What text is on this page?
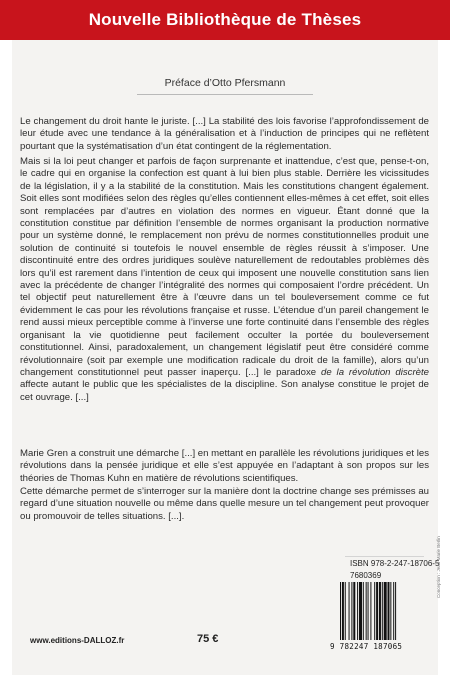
Nouvelle Bibliothèque de Thèses
Préface d’Otto Pfersmann
Le changement du droit hante le juriste. [...] La stabilité des lois favorise l’approfondissement de leur étude avec une tendance à la généralisation et à l’induction de principes qui ne reflètent pourtant que la systématisation d’un état contingent de la réglementation.
Mais si la loi peut changer et parfois de façon surprenante et inattendue, c’est que, pense-t-on, le cadre qui en organise la confection est quant à lui bien plus stable. Derrière les vicissitudes de la législation, il y a la stabilité de la constitution. Mais les constitutions changent également. Soit elles sont modifiées selon des règles qu’elles contiennent elles-mêmes à cet effet, soit elles sont remplacées par d’autres en violation des normes en vigueur. Étant donné que la constitution constitue par définition l’ensemble de normes organisant la production normative pour un système donné, le remplacement non prévu de normes constitutionnelles produit une solution de continuité si toutefois le nouvel ensemble de règles réussit à s’imposer. Une discontinuité entre des ordres juridiques soulève naturellement de redoutables problèmes dès lors qu’il est rarement dans l’intention de ceux qui imposent une nouvelle constitution sans lien avec la précédente de changer l’intégralité des normes qui composaient l’ordre précédent. Un tel objectif peut naturellement être à l’œuvre dans un tel bouleversement comme ce fut évidemment le cas pour les révolutions française et russe. L’étendue d’un pareil changement le rend aussi mieux perceptible comme à l’inverse une forte continuité dans l’ensemble des règles organisant la vie quotidienne peut facilement occulter la portée du bouleversement constitutionnel. Ainsi, paradoxalement, un changement législatif peut être considéré comme révolutionnaire (soit par exemple une modification radicale du droit de la famille), alors qu’un changement constitutionnel peut passer inaperçu. [...] le paradoxe de la révolution discrète affecte autant le public que les spécialistes de la discipline. Son analyse constitue le projet de cet ouvrage. [...]
Marie Gren a construit une démarche [...] en mettant en parallèle les révolutions juridiques et les révolutions dans la pensée juridique et elle s’est appuyée en l’adaptant à son propos sur les théories de Thomas Kuhn en matière de révolutions scientifiques.
Cette démarche permet de s’interroger sur la manière dont la doctrine change ses prémisses au regard d’une situation nouvelle ou même dans quelle mesure un tel changement peut provoquer ou promouvoir de telles situations. [...].
ISBN 978-2-247-18706-5
7680369
9 782247 187065
Conception : Jean-Marie Berlin
www.editions-DALLOZ.fr	75 €
